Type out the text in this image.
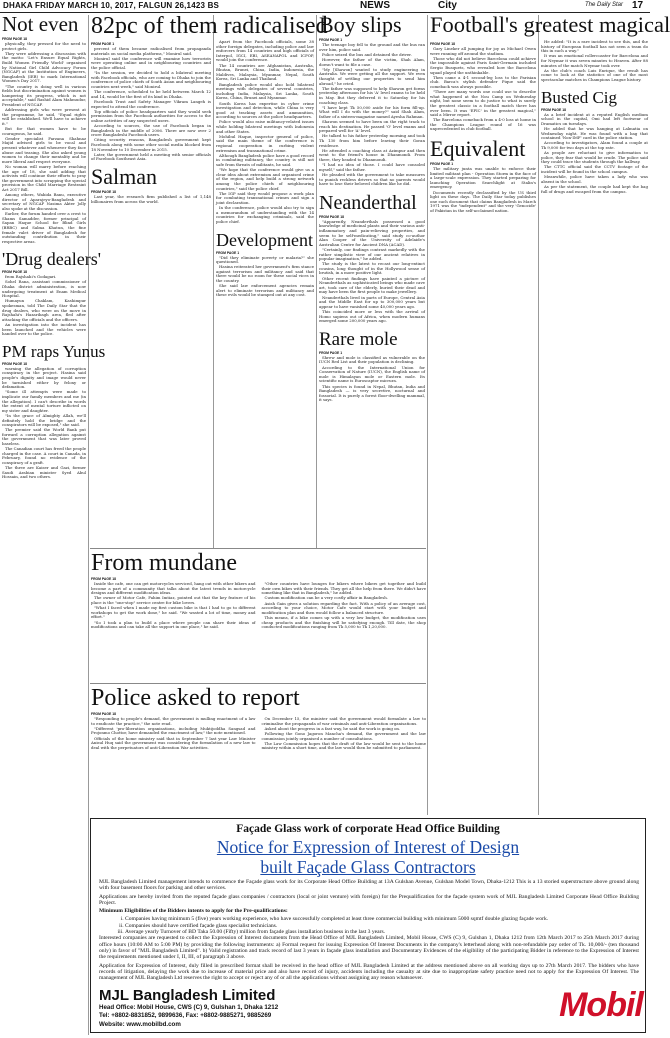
DHAKA FRIDAY MARCH 10, 2017, FALGUN 26,1423 BS	NEWS	City	The Daily Star 17
Not even
FROM PAGE 18

physically, they pressed for the need to protect girls.

They were addressing a discussion with the motto: 'Let's Ensure Equal Rights, Build Women Friendly World' organised by National Girl Child Advocacy Forum (NGCAF) at the Institution of Engineers, Bangladesh (IEB) to mark International Women's Day 2017.

"The country is doing well in various fields but discrimination against women is hampering its progress, which is not acceptable," said Rashid Alam Mahmudur, President of NGCAF.

Addressing girls who were present at the programme, he said, "Equal rights will be established. We'll have to achieve it."

But for that women have to be courageous, he said.

Gender specialist Farzana Shahnaz Majid advised girls to be vocal and present whatever and whenever they face abuse and teasing. She also asked young women to change their mentality and be more liberal and respect everyone.

No woman will marry before reaching the age of 18, she said adding that activists will continue their efforts to pray the government into scrapping the special provision in the Child Marriage Restraint Act 2017 Bill.

Among others, Wahida Banu, executive director of Aparajeyo-Bangladesh and secretary of NGCAF Nasima Akter Jolly also spoke at the discussion.

Earlier, the forum handed over a crest to Shams Samadder, former principal of Sapan Haque School for Blind Girls (BRBC) and Salma Khatun, the fine female valet driver of Bangladesh for outstanding contribution in their respective areas.

'Drug dealers'
FROM PAGE 18

from Rajshahi's Godagari.

Sohel Rana, assistant commissioner of Dhaka district administration, is now undergoing treatment at Enam Medical Hospital.

Humayun Chaklam, Kashimpur spokesman, told The Daily Star that the drug dealers, who were on the move in Rajshahi's Hazaribagh area, fled after attacking the officials and the officers.

An investigation into the incident has been launched and the vehicles were handed over to the police.

PM raps Yunus
FROM PAGE 18

warning the allegation of corruption conspiracy in the project. Hasina said people's dignity and image would never be tarnished either by felony or defamation.

"Some ill attempts were made to implicate our family members and me (in the allegation). I can't describe in words the extent of mental torture inflicted on my sister and daughter.

"In the grace of Almighty Allah, we'll definitely hold the bridge and the conspirators will be exposed," she said.

The premier said the World Bank put forward a corruption allegation against the government that was later proved baseless.

The Canadian court has freed the people charged in the case. A court in Canada, in February, found no evidence of the conspiracy of a graft.

The three are Kaiser and Gazi, former Saudi Arabian minister Syed Abul Hossain, and two others.

82pc of them radicalised
FROM PAGE 1

percent of them became radicalised from propaganda materials on social media platforms," Monirul said.

Monirul said the conference will examine how terrorists were operating online and in neighbouring countries and the police official.

"In the session, we decided to hold a bilateral meeting with Facebook officials, who are coming to Dhaka to join the conference of police chiefs of South Asian and neighbouring countries next week," said Monirul.

The conference, scheduled to be held between March 12 and 14, would be the first of its kind in Dhaka.

Facebook Trust and Safety Manager Vikram Langeh is expected to attend the conference.

Top officials of police headquarters said they would seek permission from the Facebook authorities for access to the online activities of any suspected users.

According to sources, the use of Facebook began in Bangladesh in the middle of 2006. There are now over 2 crore Bangladeshi Facebook users.

Citing security reasons, Bangladesh government kept Facebook along with some other social media blocked from 18 November to 10 December in 2015.

Later, the government held a meeting with senior officials of Facebook Southeast Asia.

Salman
FROM PAGE 18

Last year, the research firm published a list of 1,148 billionaires from across the world.

Apart from the Facebook officials, some 38 other foreign delegates, including police and law enforcers from 14 countries and high officials of Interpol, IGCI, EBI, ASEANAPOL and ICPOP, would join the conference.

The 14 countries are Afghanistan, Australia, Bhutan, Brunei, China, India, Indonesia, the Maldives, Malaysia, Myanmar, Nepal, South Korea, Sri Lanka and Thailand.

Bangladesh police would also hold bilateral meetings with delegates of several countries, including India, Malaysia, Sri Lanka, South Korea, China, Brunei and Myanmar.

South Korea has expertise in cyber crime investigation and detection, while China is very good at tracking assets and ammunition, according to sources at the police headquarters.

Police would also raise militancy-related issues while holding bilateral meetings with Indonesia and other States.

Mohibul Haque, inspector general of police, said the main theme of the conference is regional cooperation in curbing violent extremism and transnational crime.

Although Bangladesh police have a good record in combating militancy, the country is still not safe from threats of militants, he said.

"We hope that the conference would give us a clear idea about extremism and organised crime of the region, and help build a strong network among the police chiefs of neighbouring countries," said the police chief.

The IGP said they would propose a work plan for combating transnational crimes and sign a joint declaration.

In the conference, police would also try to sign a memorandum of understanding with the 14 countries for exchanging criminals, said the police chief.

Development
FROM PAGE 1

"Did they eliminate poverty or malaria?" she questioned.

Hasina reiterated her government's firm stance against terrorism and militancy and said that there would be no room for these social vices in the country.

She said law enforcement agencies remain alert to eliminate terrorism and militancy and these evils would be stamped out at any cost.

Boy slips
FROM PAGE 1

The teenage boy fell to the ground and the bus ran over him, police said.

Police seized the bus and detained the driver.

However, the father of the victim, Shah Alam, doesn't want to file a case.

"My [Shawon] wanted to study engineering in Australia. We were getting all the support. We even thought of settling our properties to send him abroad," he cried.

The father was supposed to help Shawon get forms yesterday afternoon for his 'A' level exams to be held in May. But they deferred it to Saturday for his coaching class.

"I have kept Tk 50,000 aside for his form fill-up. What will I do with the money?" said Shah Alam, father of a sixteen-magazine named Ayesha Rahman.

Shawon seemed to have been on the right track to reach his destination. He passed 'O' level exams and prepared well for 'A' level.

He talked to his father yesterday morning and took Tk 130 from him before leaving their Goran residence.

He attended a coaching class at Azimpur and then went to the friend's house in Dhanmondi. From there, they headed to Dhanmondi.

"I had no idea of those. I could have consoled myself," said the father.

He pleaded with the government to take measures to punish reckless drivers so that no parents would have to lose their beloved children like he did.

Neanderthal
FROM PAGE 18

"Apparently, Neanderthals possessed a good knowledge of medicinal plants and their various anti-inflammatory and pain-relieving properties, and seem to be self-medicating," said study co-author Alan Cooper of the University of Adelaide's Australian Centre for Ancient DNA (ACAD).

"Certainly, our findings contrast markedly with the rather simplistic view of our ancient relatives in popular imagination," he added.

The study is the latest to recast our long-extinct cousins, long thought of in the Hollywood sense of brutish, in a more positive light.

Other recent findings have painted a picture of Neanderthals as sophisticated beings who made cave art, took care of the elderly, buried their dead and may have been the first people to make jewellery.

Neanderthals lived in parts of Europe, Central Asia and the Middle East for up to 300,000 years but appear to have vanished some 40,000 years ago.

This coincided more or less with the arrival of Homo sapiens out of Africa, when modern humans emerged some 200,000 years ago.

Rare mole
FROM PAGE 1

Shrew and mole is classified as vulnerable on the IUCN Red List and their population is declining.

According to the International Union for Conservation of Nature (IUCN), the English name of mole is Himalayan mole or Eastern mole. Its scientific name is Euroscaptor micrura.

This species is found in Nepal, Bhutan, India and Bangladesh — is very secretive, nocturnal and fossorial. It is purely a forest floor-dwelling mammal, it says.

Football's greatest magical
FROM PAGE 18

Gary Lineker all jumping for joy as Michael Owen were running off around the stadium.

Those who did not believe Barcelona could achieve the impossible against Paris Saint-Germain included Sergio Busquets, who revealed how the Barcelona squad played the unthinkable.

Then came a 4-1 second-leg loss to the Parisian club. Barca's stylish defender Pique said the comeback was always possible.

"There are many words one could use to describe what happened at the Nou Camp on Wednesday night, but none seem to do justice to what is surely the greatest classic in a football match there has ever been. It was 'EPIC' in the greatest magical," said a Mirror report.

The Barcelona comeback from a 4-0 loss at home in the Champions League round of 16 was unprecedented in club football.

Equivalent
FROM PAGE 1

The military junta was unable to enforce their limited militant plan - Operation Storm in the face of a large-scale expression. They started preparing for launching Operation Searchlight at Stalin's emergency.

Documents recently declassified by the US third light on these days. The Daily Star today publishes one such document that claims Bangladesh in March 1971 was the "independent" and the very 'Genocide' of Pakistan in the self-acclaimed nation.

He added: "It is a rare incident to see this, and the history of European football has not seen a team do this in such a way."

It was an emotional rollercoaster for Barcelona and for Neymar it was seven minutes to Heaven. After 88 minutes of the match Neymar took over.

As the club's coach Luis Enrique, the result has come to look at the statistics of one of the most spectacular matches in Champions League history.

Busted Cig
FROM PAGE 18

As a brief incident at a reputed English medium school in the capital, Omi had left footwear of Dramatics on tuesdays.

He added that he was hanging at Lalmatia on Wednesday night. He was found with a bag that contained 'Non-IMF' card in the police station.

According to investigators, Alam found a couple at Tk 9,000 for two days at the top rate.

As people are reluctant to give information to police, they fear that would be crude. The police said they could trace the students through the hallway.

The CTTC official said the CCTV footage of the incident will be found in the school campus.

Meanwhile, police have taken a lady who was absent in the school.

As per the statement, the couple had kept the bag full of drugs and escaped from the campus.

From mundane
FROM PAGE 18

Inside the cafe, one can get motorcycles serviced, hang out with other bikers and become a part of a community that talks about the latest trends in motorcycle designs and different modification ideas.

The owner of Motor Cafe, Fahim Imtiaz, pointed out that the key feature of his place is the "one-stop" service centre for bike lovers.

"What I faced when I made my first custom bike is that I had to go to different workshops to get the work done," he said. "We wasted a lot of time, money and effort."

"So I took a plan to build a place where people can share their ideas of modifications and can take all the support in one place," he said.

"Other countries have lounges for bikers where bikers get together and build their own bikes with their friends. They get all the help from there. We didn't have something like that in Bangladesh," he added.

Custom modification can be a very costly affair in Bangladesh.

Asish Gain gives a solution regarding the fact. With a policy of an average cost, according to your choice, Motor Cafe would start with your budget and modification plan and then would follow a balanced structure.

This means, if a bike comes up with a very low budget, the modification uses cheap products and the finishing will be satisfying enough. Till date, the shop conducted modifications ranging from Tk 5,000 to Tk 1,20,000.

Police asked to report
FROM PAGE 18

"Responding to people's demand, the government is mulling enactment of a law to eradicate the practice," the note read.

"Different 'pro-liberation organisations, including Muktijoddha Sangsad and Projonmo Chottor, have demanded the enactment of law," the note mentioned.

Officials of the home ministry said that in September 7 last year Law Minister Anisul Huq said the government was considering the formulation of a new law to deal with the perpetuators of anti-Liberation War activities.

On December 15, the minister said the government would formulate a law to criminalise the propaganda of war criminals and anti-Liberation organisations.

Asked about the progress in a fast way, he said the work is going on.

Following the Gono Jagoron Mancha's demand, the government and the law commission jointly organised a number of consultations.

The Law Commission hopes that the draft of the law would be sent to the home ministry within a short time, and the law would then be submitted to parliament.

Façade Glass work of corporate Head Office Building
Notice for Expression of Interest of Design
built Façade Glass Contractors

MJL Bangladesh Limited management intends to commence the Façade glass work for its Corporate Head Office Building at 13A Gulshan Avenue, Gulshan Model Town, Dhaka-1212 This is a 13 storied superstructure above ground along with four basement floors for parking and other services.

Applications are hereby invited from the reputed façade glass companies / contractors (local or joint venture) with foreign) for the Prequalification for the façade system work of MJL Bangladesh Limited Corporate Head Office Building Project.

Minimum Eligibilities of the Bidders intents to apply for the Pre-qualifications:

i. Companies having minimum 5 (five) years working experience, who have successfully completed at least three commercial building with minimum 5000 sqmtf double glazing façade work.
ii. Companies should have certified façade glass specialist technicians.
iii. Average yearly Turnover of BD Taka 50.00 (Fifty) million from façade glass installation business in the last 3 years.

Interested companies are requested to collect the Expression of Interest documents from the Head Office of MJL Bangladesh Limited, Mobil House, CWS (C) 9, Gulshan 1, Dhaka 1212 from 12th March 2017 to 25th March 2017 during office hours (10:00 AM to 5:00 PM) by providing the following instruments: a) Formal request for issuing Expression Of Interest Documents in the company's letterhead along with non-refundable pay order of Tk. 10,000/- (ten thousand only) in favor of "MJL Bangladesh Limited". b) Valid registration and track record of last 3 years in façade glass installation and Documentary Evidences of the eligibility of the participating Bidder in reference to the Expression of Interest the requirements mentioned under I, II, III, of paragraph 3 above.

Application for Expression of Interest, duly filled in prescribed format shall be received in the head office of MJL Bangladesh Limited at the address mentioned above on all working days up to 27th March 2017. The bidders who have records of litigation, delaying the work due to increase of material price and also have record of injury, accidents including the casualty at site due to inappropriate safety practice need not to apply for the Expression Of Interest. The management of MJL Bangladesh Ltd reserves the right to accept or reject any of or all the applications without assigning any reason whatsoever.

MJL Bangladesh Limited
Head Office: Mobil House, CWS (C) 9, Gulshan 1, Dhaka 1212
Tel: +8802-8831852, 9899636, Fax: +8802-9885271, 9885269
Website: www.mobilbd.com
Mobil
